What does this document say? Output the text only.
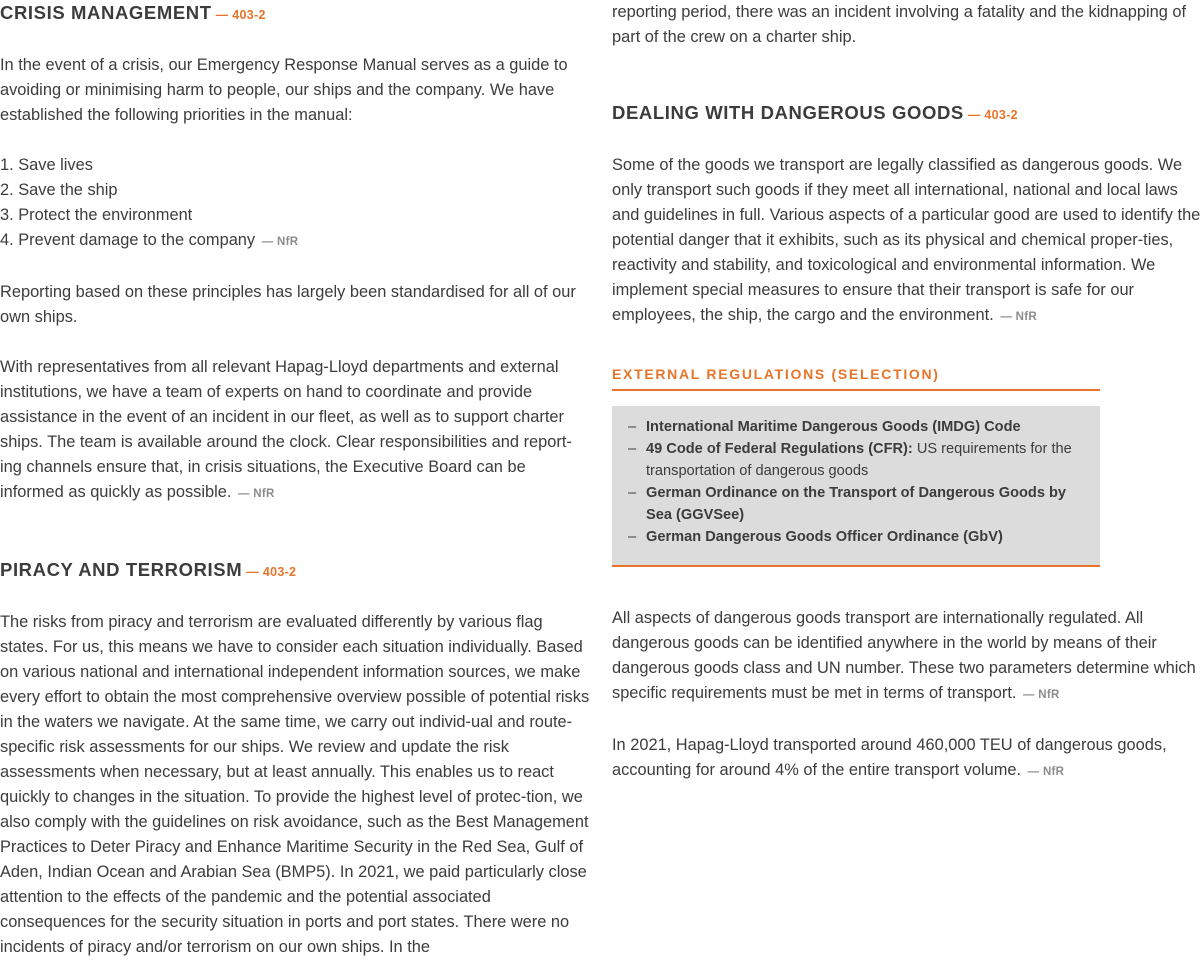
CRISIS MANAGEMENT — 403-2

In the event of a crisis, our Emergency Response Manual serves as a guide to avoiding or minimising harm to people, our ships and the company. We have established the following priorities in the manual:

1. Save lives
2. Save the ship
3. Protect the environment
4. Prevent damage to the company — NfR

Reporting based on these principles has largely been standardised for all of our own ships.

With representatives from all relevant Hapag-Lloyd departments and external institutions, we have a team of experts on hand to coordinate and provide assistance in the event of an incident in our fleet, as well as to support charter ships. The team is available around the clock. Clear responsibilities and report-ing channels ensure that, in crisis situations, the Executive Board can be informed as quickly as possible. — NfR

PIRACY AND TERRORISM — 403-2

The risks from piracy and terrorism are evaluated differently by various flag states. For us, this means we have to consider each situation individually. Based on various national and international independent information sources, we make every effort to obtain the most comprehensive overview possible of potential risks in the waters we navigate. At the same time, we carry out individ-ual and route-specific risk assessments for our ships. We review and update the risk assessments when necessary, but at least annually. This enables us to react quickly to changes in the situation. To provide the highest level of protec-tion, we also comply with the guidelines on risk avoidance, such as the Best Management Practices to Deter Piracy and Enhance Maritime Security in the Red Sea, Gulf of Aden, Indian Ocean and Arabian Sea (BMP5). In 2021, we paid particularly close attention to the effects of the pandemic and the potential associated consequences for the security situation in ports and port states. There were no incidents of piracy and/or terrorism on our own ships. In the

reporting period, there was an incident involving a fatality and the kidnapping of part of the crew on a charter ship.

DEALING WITH DANGEROUS GOODS — 403-2

Some of the goods we transport are legally classified as dangerous goods. We only transport such goods if they meet all international, national and local laws and guidelines in full. Various aspects of a particular good are used to identify the potential danger that it exhibits, such as its physical and chemical proper-ties, reactivity and stability, and toxicological and environmental information. We implement special measures to ensure that their transport is safe for our employees, the ship, the cargo and the environment. — NfR

EXTERNAL REGULATIONS (SELECTION)
– International Maritime Dangerous Goods (IMDG) Code
– 49 Code of Federal Regulations (CFR): US requirements for the transportation of dangerous goods
– German Ordinance on the Transport of Dangerous Goods by Sea (GGVSee)
– German Dangerous Goods Officer Ordinance (GbV)

All aspects of dangerous goods transport are internationally regulated. All dangerous goods can be identified anywhere in the world by means of their dangerous goods class and UN number. These two parameters determine which specific requirements must be met in terms of transport. — NfR

In 2021, Hapag-Lloyd transported around 460,000 TEU of dangerous goods, accounting for around 4% of the entire transport volume. — NfR
